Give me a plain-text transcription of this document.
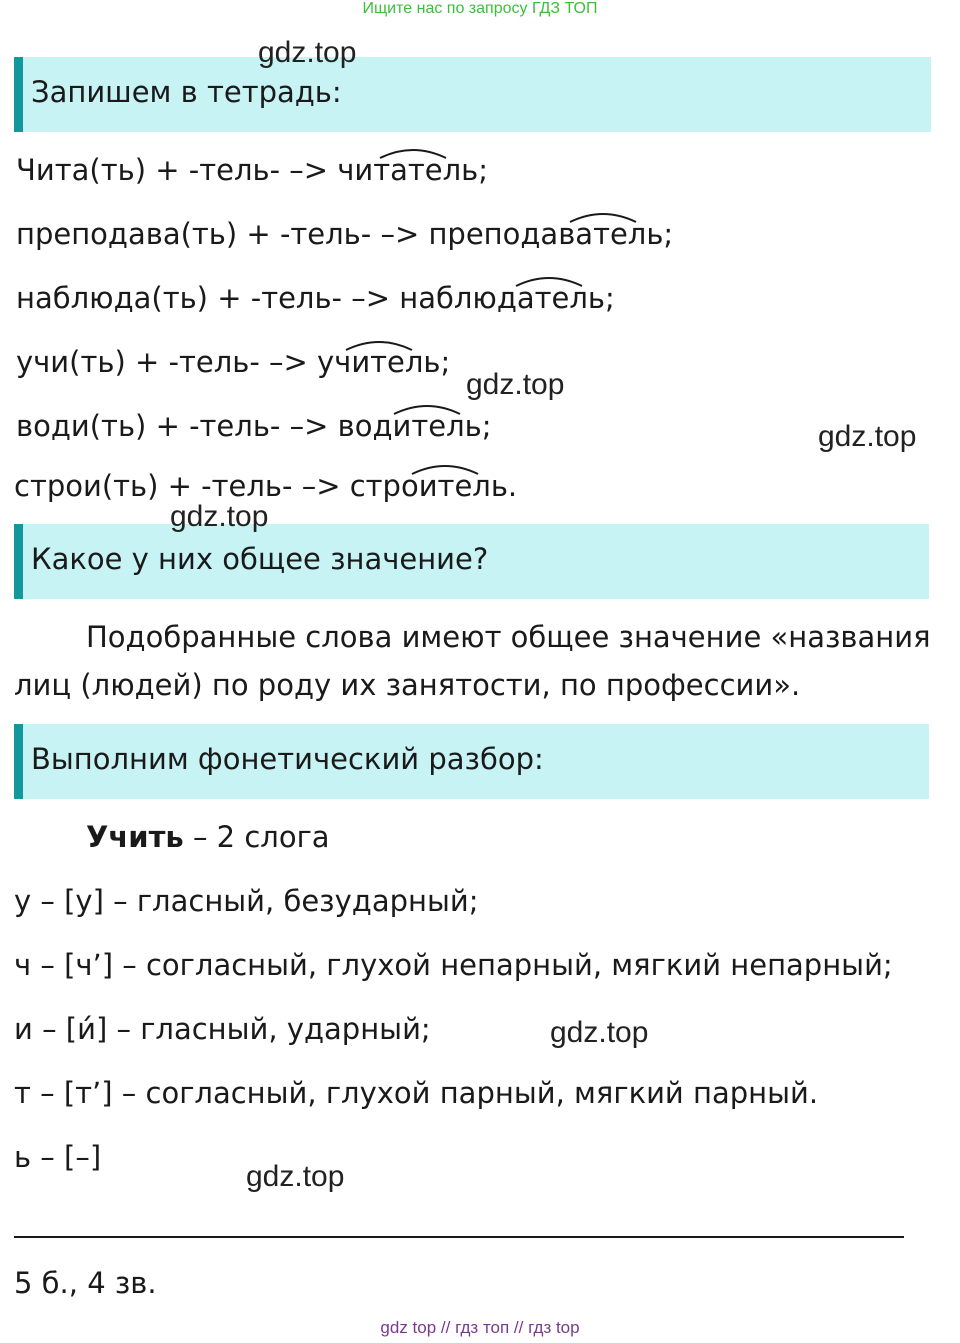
Ищите нас по запросу ГДЗ ТОП
Запишем в тетрадь:
Чита(ть) + -тель- –> читатель;
преподава(ть) + -тель- –> преподаватель;
наблюда(ть) + -тель- –> наблюдатель;
учи(ть) + -тель- –> учитель;
води(ть) + -тель- –> водитель;
строи(ть) + -тель- –> строитель.
Какое у них общее значение?
Подобранные слова имеют общее значение «названия
лиц (людей) по роду их занятости, по профессии».
Выполним фонетический разбор:
Учить – 2 слога
у – [у] – гласный, безударный;
ч – [ч’] – согласный, глухой непарный, мягкий непарный;
и – [и́] – гласный, ударный;
т – [т’] – согласный, глухой парный, мягкий парный.
ь – [–]
5 б., 4 зв.
gdz.top
gdz.top
gdz.top
gdz.top
gdz.top
gdz.top
gdz top // гдз топ // гдз top
